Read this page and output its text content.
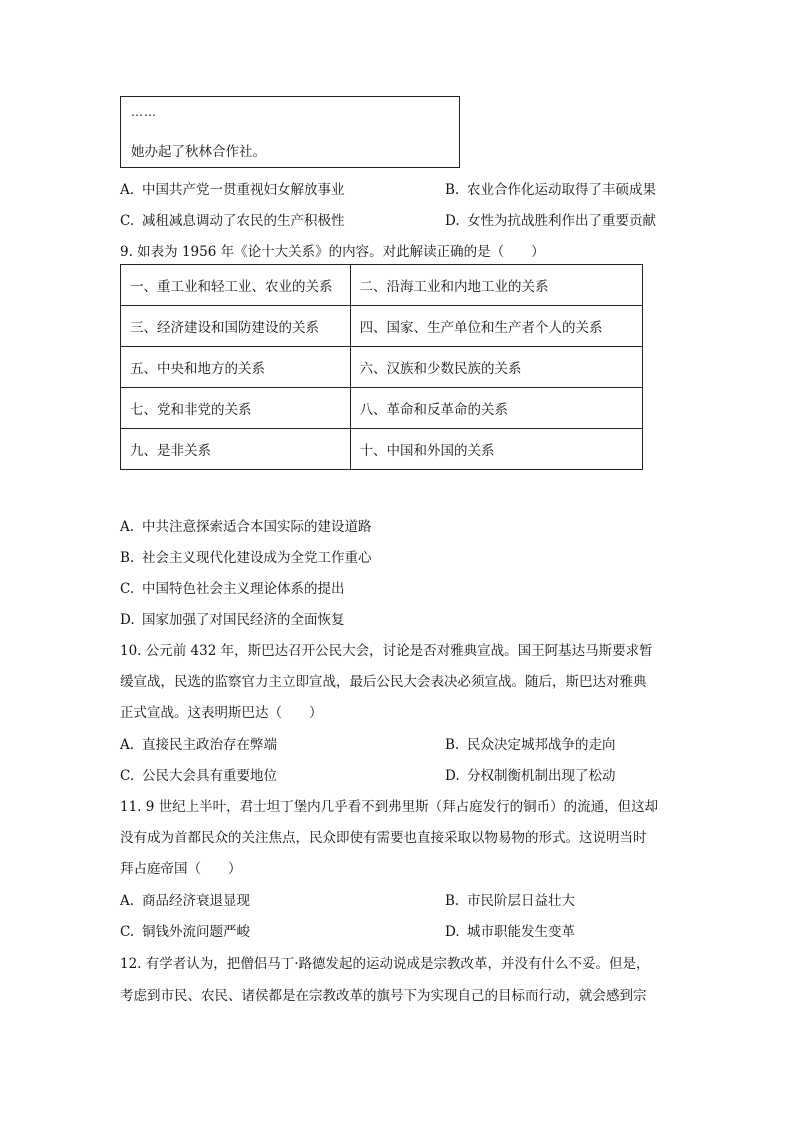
……
她办起了秋林合作社。
A. 中国共产党一贯重视妇女解放事业	B. 农业合作化运动取得了丰硕成果
C. 减租减息调动了农民的生产积极性	D. 女性为抗战胜利作出了重要贡献
9. 如表为 1956 年《论十大关系》的内容。对此解读正确的是（　　）
一、重工业和轻工业、农业的关系	二、沿海工业和内地工业的关系
三、经济建设和国防建设的关系	四、国家、生产单位和生产者个人的关系
五、中央和地方的关系	六、汉族和少数民族的关系
七、党和非党的关系	八、革命和反革命的关系
九、是非关系	十、中国和外国的关系
A. 中共注意探索适合本国实际的建设道路
B. 社会主义现代化建设成为全党工作重心
C. 中国特色社会主义理论体系的提出
D. 国家加强了对国民经济的全面恢复
10. 公元前 432 年，斯巴达召开公民大会，讨论是否对雅典宣战。国王阿基达马斯要求暂
缓宣战，民选的监察官力主立即宣战，最后公民大会表决必须宣战。随后，斯巴达对雅典
正式宣战。这表明斯巴达（　　）
A. 直接民主政治存在弊端	B. 民众决定城邦战争的走向
C. 公民大会具有重要地位	D. 分权制衡机制出现了松动
11. 9 世纪上半叶，君士坦丁堡内几乎看不到弗里斯（拜占庭发行的铜币）的流通，但这却
没有成为首都民众的关注焦点，民众即使有需要也直接采取以物易物的形式。这说明当时
拜占庭帝国（　　）
A. 商品经济衰退显现	B. 市民阶层日益壮大
C. 铜钱外流问题严峻	D. 城市职能发生变革
12. 有学者认为，把僧侣马丁·路德发起的运动说成是宗教改革，并没有什么不妥。但是，
考虑到市民、农民、诸侯都是在宗教改革的旗号下为实现自己的目标而行动，就会感到宗
